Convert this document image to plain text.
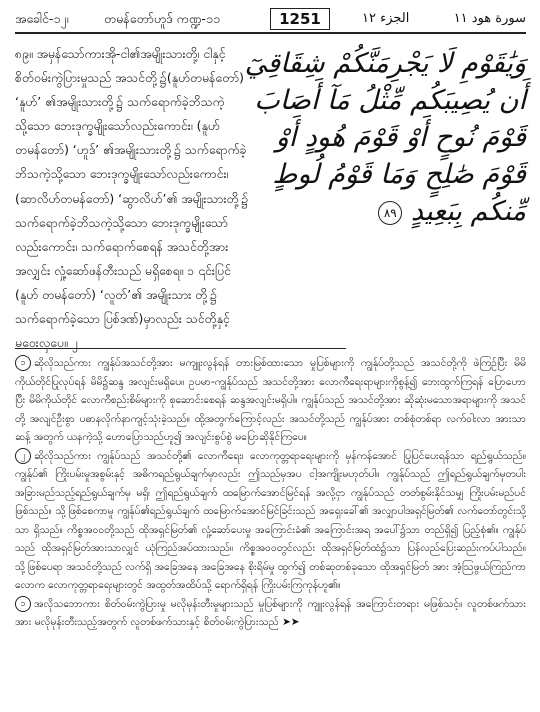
အခေါင်-၁၂၊	တမန်တော်ဟူဒ် ကဏ္ဍ-၁၁	1251	الجزء ١٢	سورة هود ١١

၈၉။ အမှန်သော်ကားအို-ငါ၏အမျိုးသားတို့၊ ငါနှင့်

စိတ်ဝမ်းကွဲပြားမှုသည် အသင်တို့၌(နူဟ်တမန်တော်)

‘နူဟ်’ ၏အမျိုးသားတို့၌ သက်ရောက်ခဲ့ဘိသကဲ့

သို့သော ဘေးဒုက္ခမျိုးသော်လည်းကောင်း၊ (နူဟ်

တမန်တော်) ‘ဟူဒ်’ ၏အမျိုးသားတို့၌ သက်ရောက်ခဲ့

ဘိသကဲ့သို့သော ဘေးဒုက္ခမျိုးသော်လည်းကောင်း၊

(ဆာလိဟ်တမန်တော်) ‘ဆွာလိဟ်’၏ အမျိုးသားတို့၌

သက်ရောက်ခဲ့ဘိသကဲ့သို့သော ဘေးဒုက္ခမျိုးသော်

လည်းကောင်း၊ သက်ရောက်စေရန် အသင်တို့အား

အလျှင်း လှုံ့ဆော်ဖန်တီးသည် မရှိစေရ။ ၁ ၎င်းပြင်

(နူဟ် တမန်တော်) ‘လူတ်’၏ အမျိုးသား တို့၌

သက်ရောက်ခဲ့သော ပြစ်ဒဏ်)မှာလည်း သင်တို့နှင့်

မဝေးလှပေ။ ၂

وَيَٰقَوْمِ لَا يَجْرِمَنَّكُمْ شِقَاقِيٓ

أَن يُصِيبَكُم مِّثْلُ مَآ أَصَابَ

قَوْمَ نُوحٍ أَوْ قَوْمَ هُودٍ أَوْ

قَوْمَ صَٰلِحٍ وَمَا قَوْمُ لُوطٍ

مِّنكُم بِبَعِيدٍ ٨٩

၁ ဆိုလိုသည်ကား ကျွန်ုပ်အသင်တို့အား မကျူးလွန်ရန် တားမြစ်ထားသော မှုပြစ်များကို ကျွန်ုပ်တို့သည် အသင်တို့ကို ဖဲကြဉ်ပြီး မိမိကိုယ်တိုင်ပြုလုပ်ရန် မိမိ၌ဆန္ဒ အလျင်းမရှိပေ။ ဥပမာ-ကျွန်ုပ်သည် အသင်တို့အား လောကီရေးရာများကိုစွန့်၍ ဘေးထွက်ကြရန် ပြောဟောပြီး မိမိကိုယ်တိုင် လောကီစည်းစိမ်များကို စုဆောင်းစေရန် ဆန္ဒအလျင်းမရှိပါ။ ကျွန်ုပ်သည် အသင်တို့အား ဆိုဆုံးမသောအရာများကို အသင်တို့ အလျင်ဦးစွာ ပဓာနလိုက်နာကျင့်သုံးခဲ့သည်။ ထို့အတွက်ကြောင့်လည်း အသင်တို့သည် ကျွန်ုပ်အား တစ်စုံတစ်ရာ လက်ဝါးလာ အားသာဆန့် အတွက် ယနကဲ့သို့ ဟောပြောသည်ဟူ၍ အလျင်းစွပ်စွဲ မပြောဆိုနိုင်ကြပေ။

၂ ဆိုလိုသည်ကား ကျွန်ုပ်သည် အသင်တို့၏ လောကီရေး၊ လောကုတ္တရာရေးများကို မှန်ကန်အောင် ပြုပြင်ပေးရန်သာ ရည်ရွယ်သည်။ ကျွန်ုပ်၏ ကြိုးပမ်းမှုအစွမ်းနှင့် အဓိကရည်ရွယ်ချက်မှာလည်း ဤသည်မှအပ ငါ့အကျိုးမဟုတ်ပါ။ ကျွန်ုပ်သည် ဤရည်ရွယ်ချက်မှတပါး အခြားမည်သည့်ရည်ရွယ်ချက်မှ မရှိ၊ ဤရည်ရွယ်ချက် ထမြောက်အောင်မြင်ရန် အလို့ငှာ ကျွန်ုပ်သည် တတ်စွမ်းနိုင်သမျှ ကြိုးပမ်းမည်ပင်ဖြစ်သည်။ သို့ဖြစ်စေကာမူ ကျွန်ုပ်၏ရည်ရွယ်ချက် ထမြောက်အောင်မြင်ခြင်းသည် အရှေးခေါ်၏ အလျှာပါအရှင်မြတ်၏ လက်တော်တွင်းသို့သာ ရှိသည်။ ကိစ္စအဝဝတို့သည် ထိုအရှင်မြတ်၏ လှုံ့ဆော်ပေးမှု အကြောင်းခံ၏ အကြောင်းအရ အပေါ်၌သာ တည်ရှိ၍ ပြည့်စုံ၏။ ကျွန်ုပ်သည် ထိုအရှင်မြတ်အားသာလျှင် ယုံကြည်အပ်ထားသည်။ ကိစ္စအဝဝတွင်လည်း ထိုအရှင်မြတ်ထံ၌သာ ပြန်လည်ပြေးဆည်းကပ်ပါသည်။ သို့ဖြစ်ပေရာ အသင်တို့သည် လက်ရှိ အခြေအနေ အခြေအနေ စိုးရိမ်မှု ထွက်၍ တစ်ဆုတစ်ခုသော ထိုအရှင်မြတ် အား အံ့ဩဖွယ်ကြည်ကာ လောက လောကုတ္တရာရေးများတွင် အထွတ်အထိပ်သို့ ရောက်ရှိရန် ကြိုးပမ်းကြကုန်ဟူ၏။

၁ အလိုသဘောကား စိတ်ဝမ်းကွဲပြားမှု မလိုမုန်းတီးမှုများသည် မှုပြစ်များကို ကျူးလွန်ရန် အကြောင်းတရား မဖြစ်သင့်။ လူတစ်ဖက်သားအား မလိုမုန်းတီးသည့်အတွက် လူတစ်ဖက်သားနှင့် စိတ်ဝမ်းကွဲပြားသည် ➤➤
